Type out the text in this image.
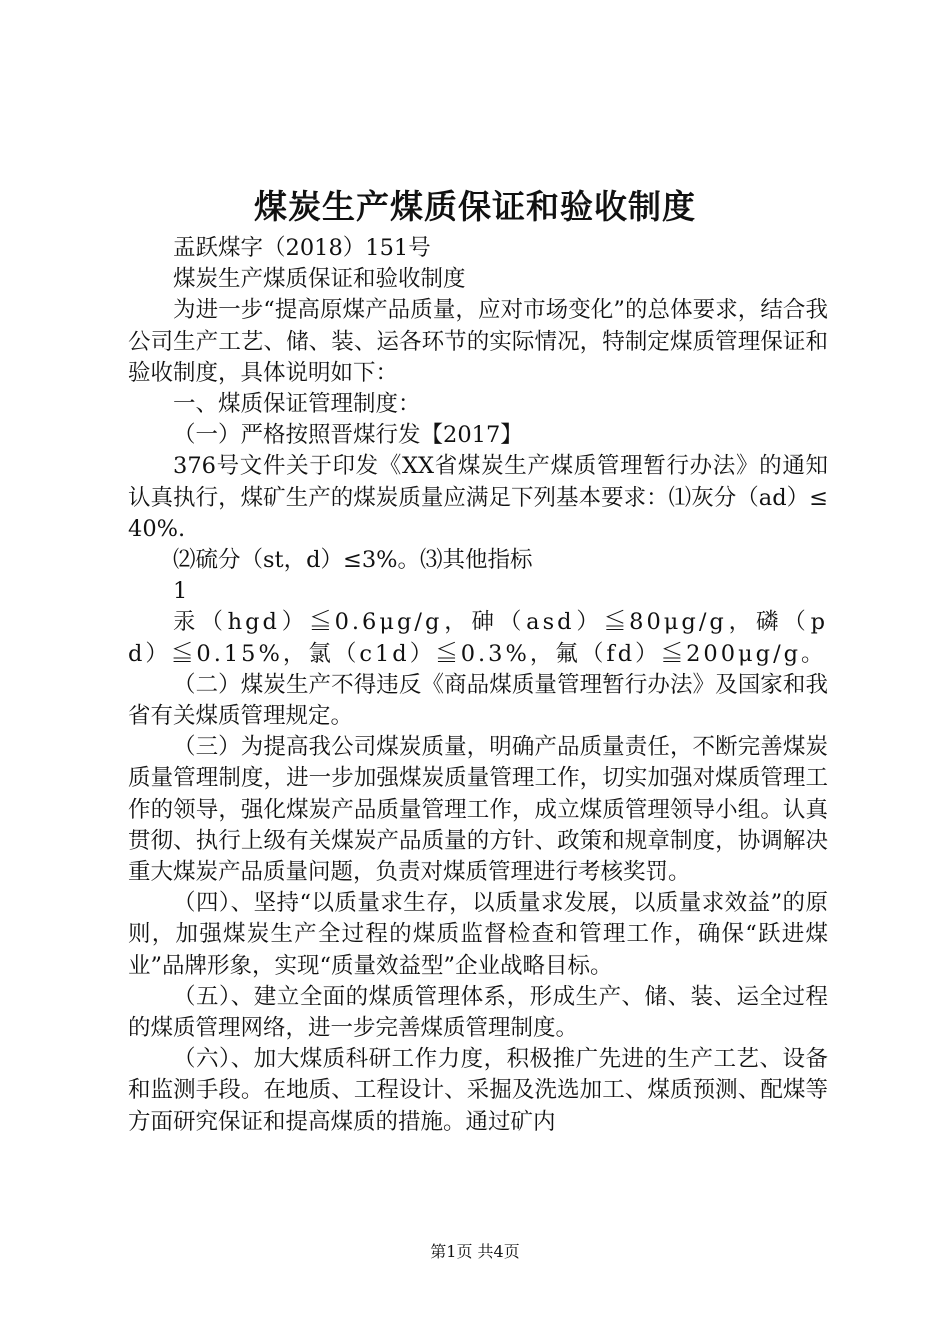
煤炭生产煤质保证和验收制度

盂跃煤字（2018）151号

煤炭生产煤质保证和验收制度

为进一步“提高原煤产品质量，应对市场变化”的总体要求，结合我公司生产工艺、储、装、运各环节的实际情况，特制定煤质管理保证和验收制度，具体说明如下：

一、煤质保证管理制度：

（一）严格按照晋煤行发【2017】

376号文件关于印发《XX省煤炭生产煤质管理暂行办法》的通知认真执行，煤矿生产的煤炭质量应满足下列基本要求：⑴灰分（ad）≤40%.

⑵硫分（st，d）≤3%。⑶其他指标

1

汞（hgd）≦0.6μg/g，砷（asd）≦80μg/g，磷（pd）≦0.15%，氯（c1d）≦0.3%，氟（fd）≦200μg/g。

（二）煤炭生产不得违反《商品煤质量管理暂行办法》及国家和我省有关煤质管理规定。

（三）为提高我公司煤炭质量，明确产品质量责任，不断完善煤炭质量管理制度，进一步加强煤炭质量管理工作，切实加强对煤质管理工作的领导，强化煤炭产品质量管理工作，成立煤质管理领导小组。认真贯彻、执行上级有关煤炭产品质量的方针、政策和规章制度，协调解决重大煤炭产品质量问题，负责对煤质管理进行考核奖罚。

（四）、坚持“以质量求生存，以质量求发展，以质量求效益”的原则，加强煤炭生产全过程的煤质监督检查和管理工作，确保“跃进煤业”品牌形象，实现“质量效益型”企业战略目标。

（五）、建立全面的煤质管理体系，形成生产、储、装、运全过程的煤质管理网络，进一步完善煤质管理制度。

（六）、加大煤质科研工作力度，积极推广先进的生产工艺、设备和监测手段。在地质、工程设计、采掘及洗选加工、煤质预测、配煤等方面研究保证和提高煤质的措施。通过矿内

第1页 共4页
